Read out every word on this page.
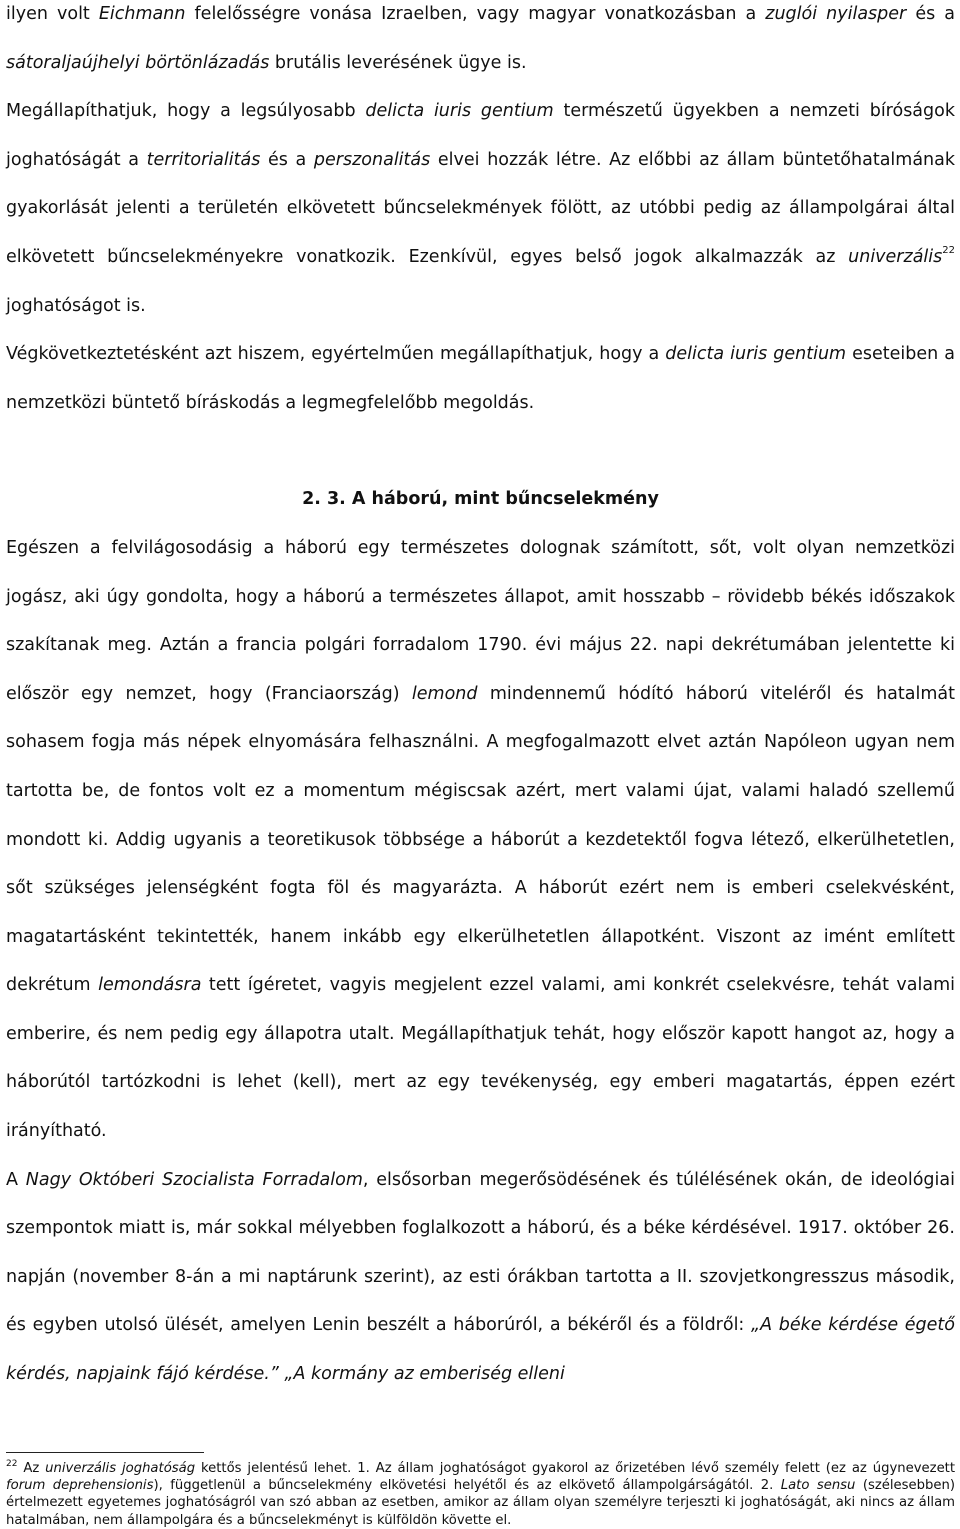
ilyen volt Eichmann felelősségre vonása Izraelben, vagy magyar vonatkozásban a zuglói nyilasper és a sátoraljaújhelyi börtönlázadás brutális leverésének ügye is.

Megállapíthatjuk, hogy a legsúlyosabb delicta iuris gentium természetű ügyekben a nemzeti bíróságok joghatóságát a territorialitás és a perszonalitás elvei hozzák létre. Az előbbi az állam büntetőhatalmának gyakorlását jelenti a területén elkövetett bűncselekmények fölött, az utóbbi pedig az állampolgárai által elkövetett bűncselekményekre vonatkozik. Ezenkívül, egyes belső jogok alkalmazzák az univerzális$^{22}$ joghatóságot is.

Végkövetkeztetésként azt hiszem, egyértelműen megállapíthatjuk, hogy a delicta iuris gentium eseteiben a nemzetközi büntető bíráskodás a legmegfelelőbb megoldás.

2. 3. A háború, mint bűncselekmény

Egészen a felvilágosodásig a háború egy természetes dolognak számított, sőt, volt olyan nemzetközi jogász, aki úgy gondolta, hogy a háború a természetes állapot, amit hosszabb – rövidebb békés időszakok szakítanak meg. Aztán a francia polgári forradalom 1790. évi május 22. napi dekrétumában jelentette ki először egy nemzet, hogy (Franciaország) lemond mindennemű hódító háború viteléről és hatalmát sohasem fogja más népek elnyomására felhasználni. A megfogalmazott elvet aztán Napóleon ugyan nem tartotta be, de fontos volt ez a momentum mégiscsak azért, mert valami újat, valami haladó szellemű mondott ki. Addig ugyanis a teoretikusok többsége a háborút a kezdetektől fogva létező, elkerülhetetlen, sőt szükséges jelenségként fogta föl és magyarázta. A háborút ezért nem is emberi cselekvésként, magatartásként tekintették, hanem inkább egy elkerülhetetlen állapotként. Viszont az imént említett dekrétum lemondásra tett ígéretet, vagyis megjelent ezzel valami, ami konkrét cselekvésre, tehát valami emberire, és nem pedig egy állapotra utalt. Megállapíthatjuk tehát, hogy először kapott hangot az, hogy a háborútól tartózkodni is lehet (kell), mert az egy tevékenység, egy emberi magatartás, éppen ezért irányítható.

A Nagy Októberi Szocialista Forradalom, elsősorban megerősödésének és túlélésének okán, de ideológiai szempontok miatt is, már sokkal mélyebben foglalkozott a háború, és a béke kérdésével. 1917. október 26. napján (november 8-án a mi naptárunk szerint), az esti órákban tartotta a II. szovjetkongresszus második, és egyben utolsó ülését, amelyen Lenin beszélt a háborúról, a békéről és a földről: „A béke kérdése égető kérdés, napjaink fájó kérdése.” „A kormány az emberiség elleni

$^{22}$ Az univerzális joghatóság kettős jelentésű lehet. 1. Az állam joghatóságot gyakorol az őrizetében lévő személy felett (ez az úgynevezett forum deprehensionis), függetlenül a bűncselekmény elkövetési helyétől és az elkövető állampolgárságától. 2. Lato sensu (szélesebben) értelmezett egyetemes joghatóságról van szó abban az esetben, amikor az állam olyan személyre terjeszti ki joghatóságát, aki nincs az állam hatalmában, nem állampolgára és a bűncselekményt is külföldön követte el.
